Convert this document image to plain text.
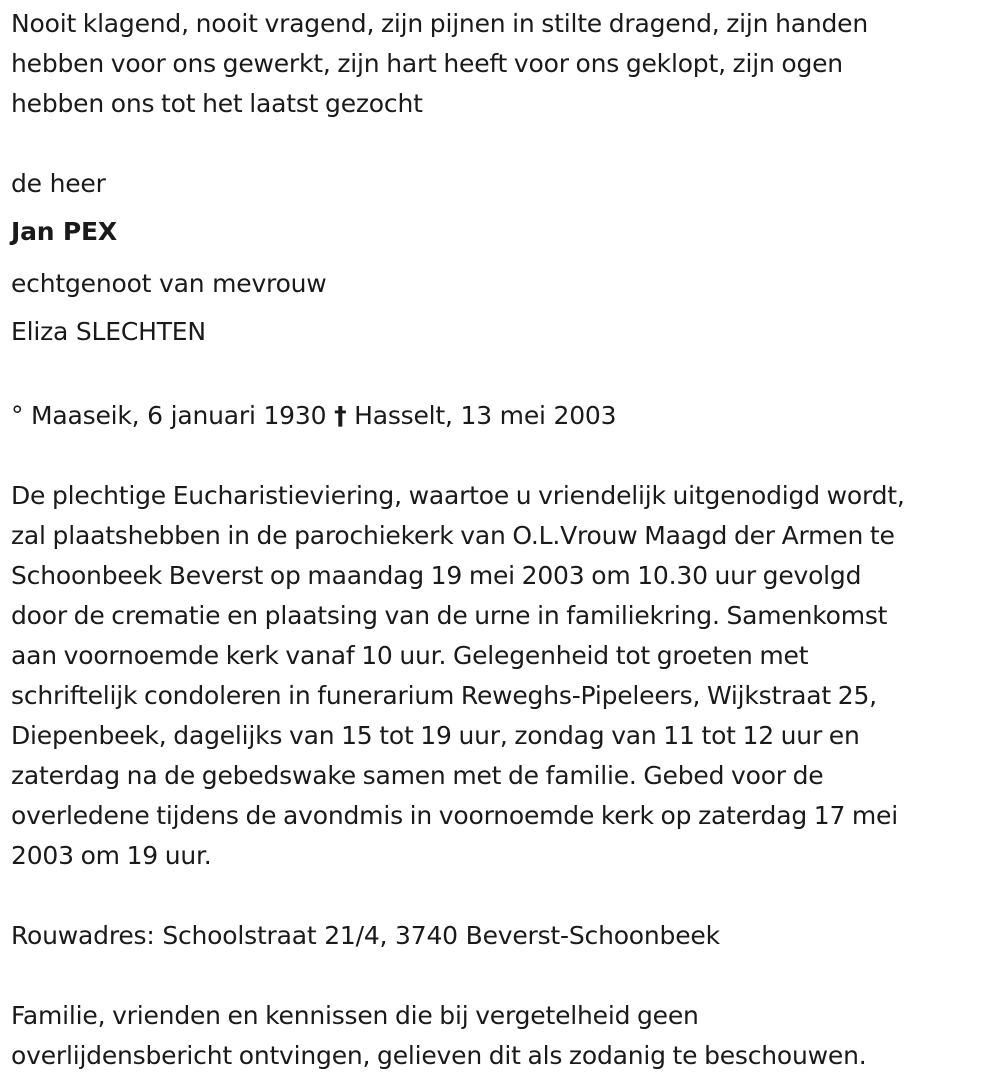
Nooit klagend, nooit vragend, zijn pijnen in stilte dragend, zijn handen
hebben voor ons gewerkt, zijn hart heeft voor ons geklopt, zijn ogen
hebben ons tot het laatst gezocht

de heer

Jan PEX

echtgenoot van mevrouw

Eliza SLECHTEN

° Maaseik, 6 januari 1930 † Hasselt, 13 mei 2003

De plechtige Eucharistieviering, waartoe u vriendelijk uitgenodigd wordt,
zal plaatshebben in de parochiekerk van O.L.Vrouw Maagd der Armen te
Schoonbeek Beverst op maandag 19 mei 2003 om 10.30 uur gevolgd
door de crematie en plaatsing van de urne in familiekring. Samenkomst
aan voornoemde kerk vanaf 10 uur. Gelegenheid tot groeten met
schriftelijk condoleren in funerarium Reweghs-Pipeleers, Wijkstraat 25,
Diepenbeek, dagelijks van 15 tot 19 uur, zondag van 11 tot 12 uur en
zaterdag na de gebedswake samen met de familie. Gebed voor de
overledene tijdens de avondmis in voornoemde kerk op zaterdag 17 mei
2003 om 19 uur.

Rouwadres: Schoolstraat 21/4, 3740 Beverst-Schoonbeek

Familie, vrienden en kennissen die bij vergetelheid geen
overlijdensbericht ontvingen, gelieven dit als zodanig te beschouwen.
